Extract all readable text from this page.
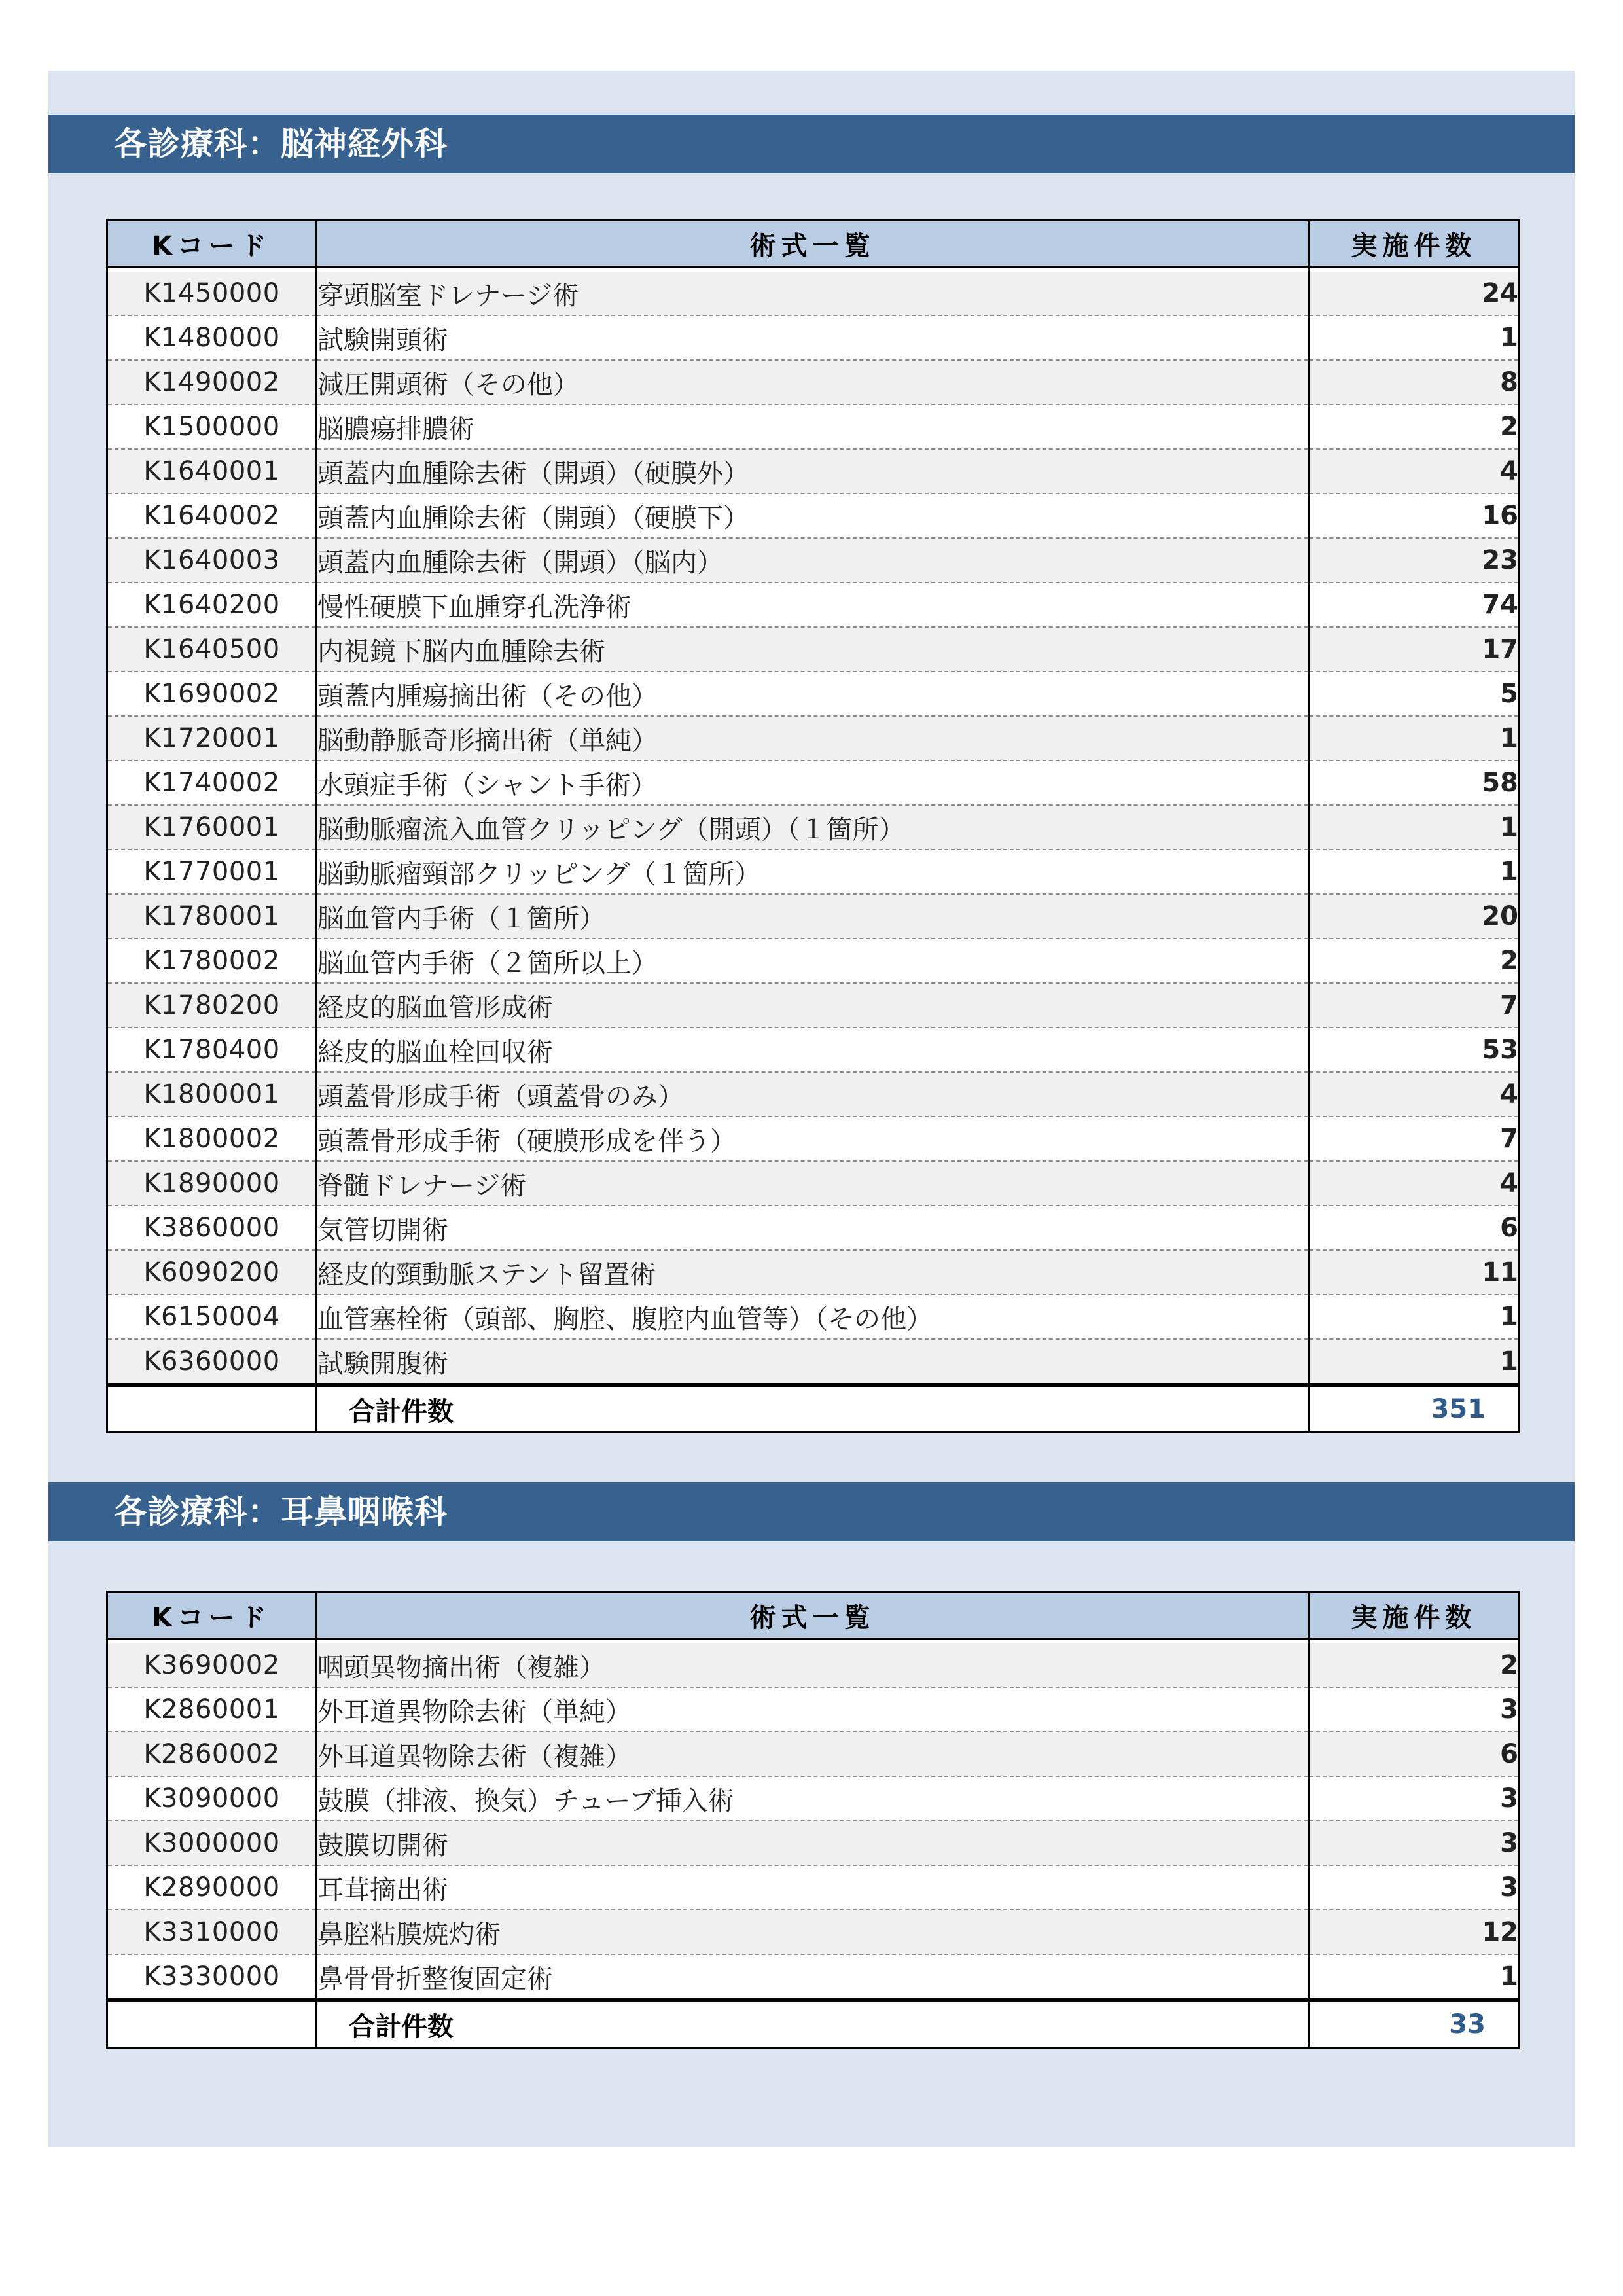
各診療科：脳神経外科
Kコード	術式一覧	実施件数

K1450000	穿頭脳室ドレナージ術	24
K1480000	試験開頭術	1
K1490002	減圧開頭術（その他）	8
K1500000	脳膿瘍排膿術	2
K1640001	頭蓋内血腫除去術（開頭）（硬膜外）	4
K1640002	頭蓋内血腫除去術（開頭）（硬膜下）	16
K1640003	頭蓋内血腫除去術（開頭）（脳内）	23
K1640200	慢性硬膜下血腫穿孔洗浄術	74
K1640500	内視鏡下脳内血腫除去術	17
K1690002	頭蓋内腫瘍摘出術（その他）	5
K1720001	脳動静脈奇形摘出術（単純）	1
K1740002	水頭症手術（シャント手術）	58
K1760001	脳動脈瘤流入血管クリッピング（開頭）（１箇所）	1
K1770001	脳動脈瘤頸部クリッピング（１箇所）	1
K1780001	脳血管内手術（１箇所）	20
K1780002	脳血管内手術（２箇所以上）	2
K1780200	経皮的脳血管形成術	7
K1780400	経皮的脳血栓回収術	53
K1800001	頭蓋骨形成手術（頭蓋骨のみ）	4
K1800002	頭蓋骨形成手術（硬膜形成を伴う）	7
K1890000	脊髄ドレナージ術	4
K3860000	気管切開術	6
K6090200	経皮的頸動脈ステント留置術	11
K6150004	血管塞栓術（頭部、胸腔、腹腔内血管等）（その他）	1
K6360000	試験開腹術	1

	合計件数	351
各診療科：耳鼻咽喉科
Kコード	術式一覧	実施件数

K3690002	咽頭異物摘出術（複雑）	2
K2860001	外耳道異物除去術（単純）	3
K2860002	外耳道異物除去術（複雑）	6
K3090000	鼓膜（排液、換気）チューブ挿入術	3
K3000000	鼓膜切開術	3
K2890000	耳茸摘出術	3
K3310000	鼻腔粘膜焼灼術	12
K3330000	鼻骨骨折整復固定術	1

	合計件数	33
